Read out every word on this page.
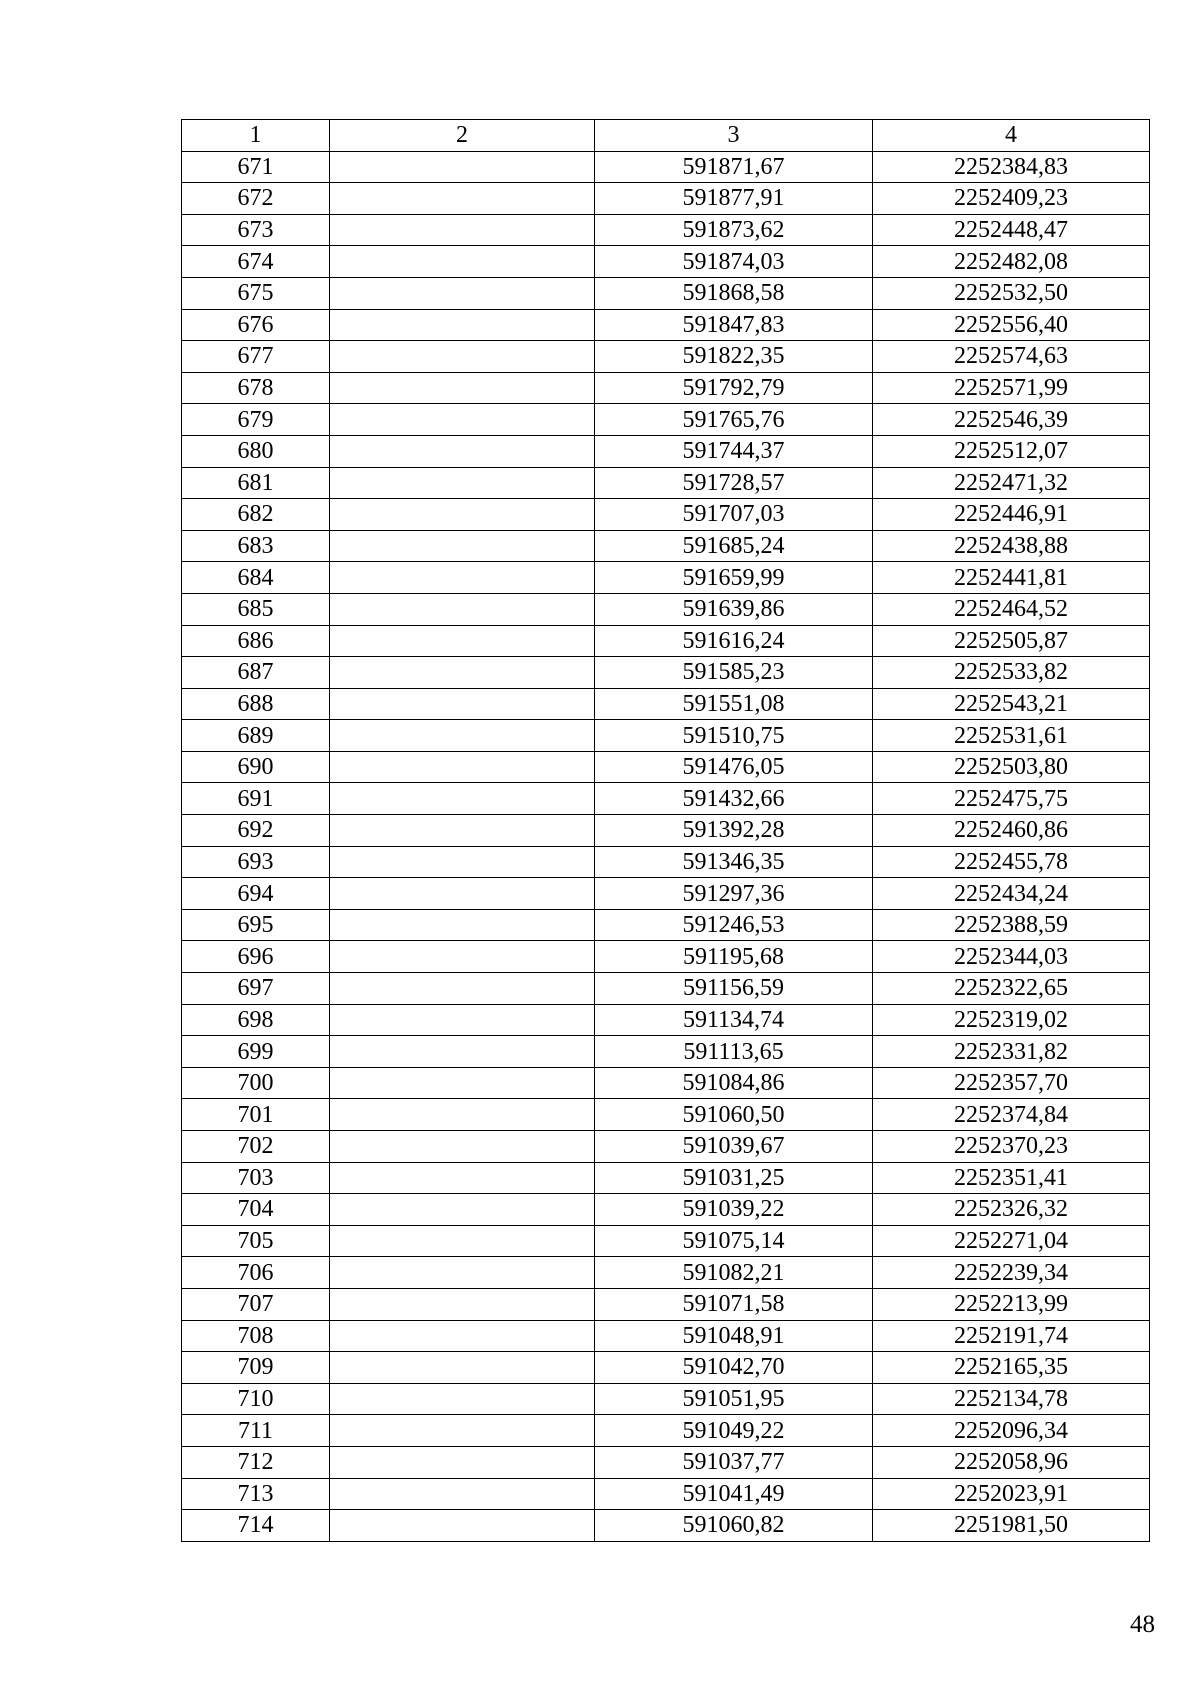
1	2	3	4
671		591871,67	2252384,83
672		591877,91	2252409,23
673		591873,62	2252448,47
674		591874,03	2252482,08
675		591868,58	2252532,50
676		591847,83	2252556,40
677		591822,35	2252574,63
678		591792,79	2252571,99
679		591765,76	2252546,39
680		591744,37	2252512,07
681		591728,57	2252471,32
682		591707,03	2252446,91
683		591685,24	2252438,88
684		591659,99	2252441,81
685		591639,86	2252464,52
686		591616,24	2252505,87
687		591585,23	2252533,82
688		591551,08	2252543,21
689		591510,75	2252531,61
690		591476,05	2252503,80
691		591432,66	2252475,75
692		591392,28	2252460,86
693		591346,35	2252455,78
694		591297,36	2252434,24
695		591246,53	2252388,59
696		591195,68	2252344,03
697		591156,59	2252322,65
698		591134,74	2252319,02
699		591113,65	2252331,82
700		591084,86	2252357,70
701		591060,50	2252374,84
702		591039,67	2252370,23
703		591031,25	2252351,41
704		591039,22	2252326,32
705		591075,14	2252271,04
706		591082,21	2252239,34
707		591071,58	2252213,99
708		591048,91	2252191,74
709		591042,70	2252165,35
710		591051,95	2252134,78
711		591049,22	2252096,34
712		591037,77	2252058,96
713		591041,49	2252023,91
714		591060,82	2251981,50
48
